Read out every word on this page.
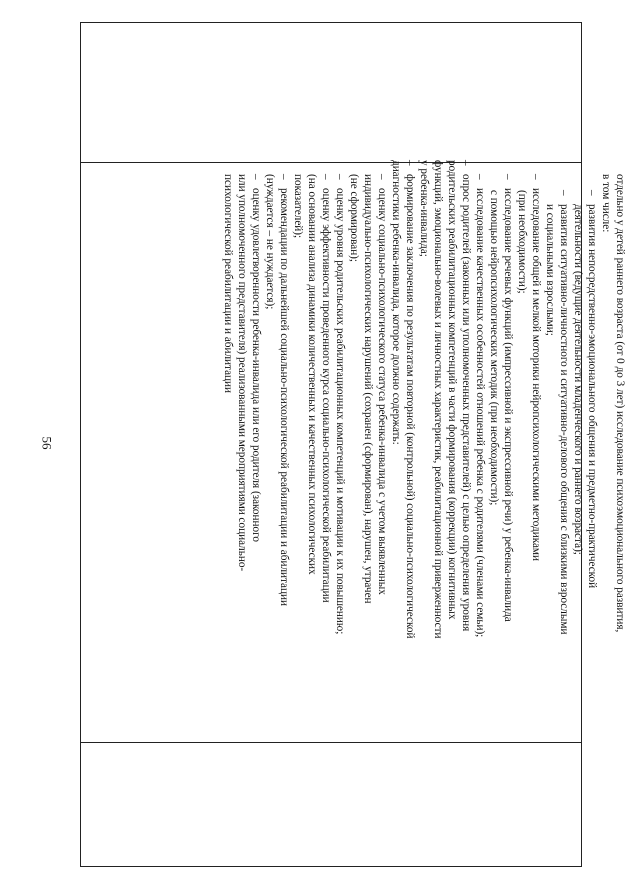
56	отдельно у детей раннего возраста (от 0 до 3 лет) исследование психоэмоционального развития,

в том числе:

–развития непосредственно-эмоционального общения и предметно-практической

деятельности (ведущие деятельности младенческого и раннего возраста);

–развития ситуативно-личностного и ситуативно-делового общения с близкими взрослыми

и социальными взрослыми;

–исследование общей и мелкой моторики нейропсихологическими методиками

(при необходимости);

–исследование речевых функций (импрессивной и экспрессивной речи) у ребенка-инвалида

с помощью нейропсихологических методик (при необходимости);

–исследование качественных особенностей отношений ребенка с родителями (членами семьи);

–опрос родителей (законных или уполномоченных представителей) с целью определения уровня

родительских реабилитационных компетенций в части формирования (коррекции) когнитивных

функций, эмоционально-волевых и личностных характеристик, реабилитационной приверженности

у ребенка-инвалида;

–формирование заключения по результатам повторной (контрольной) социально-психологической

диагностики ребенка-инвалида, которое должно содержать:

–оценку социально-психологического статуса ребенка-инвалида с учетом выявленных

индивидуально-психологических нарушений (сохранен (сформирован), нарушен, утрачен

(не сформирован);

–оценку уровня родительских реабилитационных компетенций и мотивации к их повышению;

–оценку эффективности проведенного курса социально-психологической реабилитации

(на основании анализа динамики количественных и качественных психологических

показателей);

–рекомендации по дальнейшей социально-психологической реабилитации и абилитации

(нуждается – не нуждается);

–оценку удовлетворенности ребенка-инвалида или его родителя (законного

или уполномоченного представителя) реализованными мероприятиями социально-

психологической реабилитации и абилитации
